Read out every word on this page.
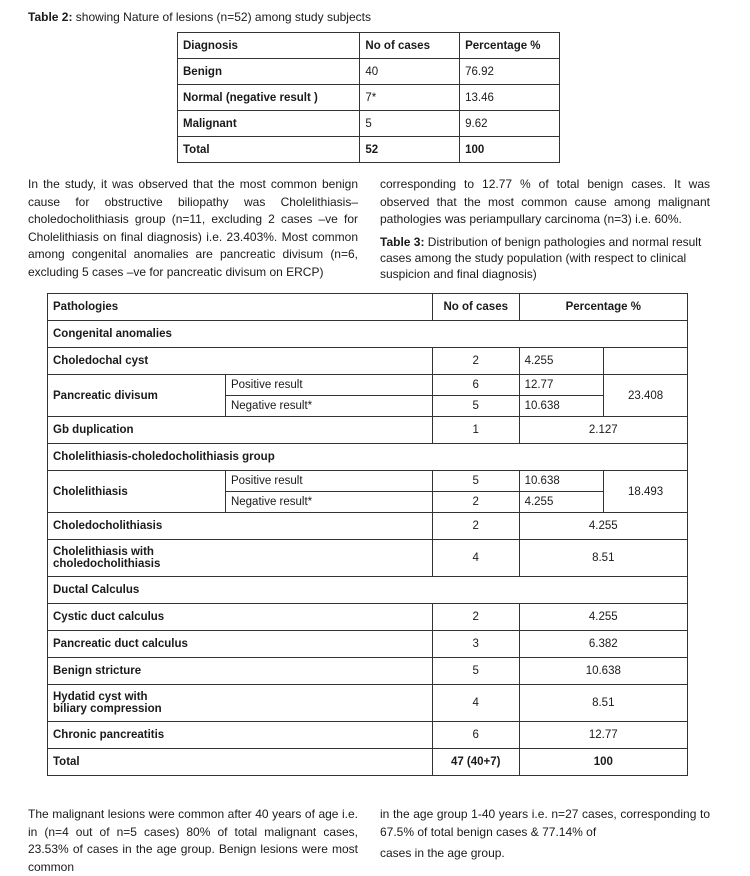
Table 2: showing Nature of lesions (n=52) among study subjects
Diagnosis	No of cases	Percentage %
Benign	40	76.92
Normal (negative result )	7*	13.46
Malignant	5	9.62
Total	52	100

In the study, it was observed that the most common benign cause for obstructive biliopathy was Cholelithiasis–choledocholithiasis group (n=11, excluding 2 cases –ve for Cholelithiasis on final diagnosis) i.e. 23.403%. Most common among congenital anomalies are pancreatic divisum (n=6, excluding 5 cases –ve for pancreatic divisum on ERCP)

corresponding to 12.77 % of total benign cases. It was observed that the most common cause among malignant pathologies was periampullary carcinoma (n=3) i.e. 60%.

Table 3: Distribution of benign pathologies and normal result cases among the study population (with respect to clinical suspicion and final diagnosis)
Pathologies		No of cases	Percentage %	
Congenital anomalies				
Choledochal cyst		2	4.255	
Pancreatic divisum	Positive result	6	12.77	23.408
	Negative result*	5	10.638	
Gb duplication		1	2.127	
Cholelithiasis-choledocholithiasis group				
Cholelithiasis	Positive result	5	10.638	18.493
	Negative result*	2	4.255	
Choledocholithiasis		2	4.255	
Cholelithiasis with choledocholithiasis		4	8.51	
Ductal Calculus				
Cystic duct calculus		2	4.255	
Pancreatic duct calculus		3	6.382	
Benign stricture		5	10.638	
Hydatid cyst with biliary compression		4	8.51	
Chronic pancreatitis		6	12.77	
Total		47 (40+7)	100	

The malignant lesions were common after 40 years of age i.e. in (n=4 out of n=5 cases) 80% of total malignant cases, 23.53% of cases in the age group. Benign lesions were most common

in the age group 1-40 years i.e. n=27 cases, corresponding to 67.5% of total benign cases & 77.14% of

cases in the age group.
